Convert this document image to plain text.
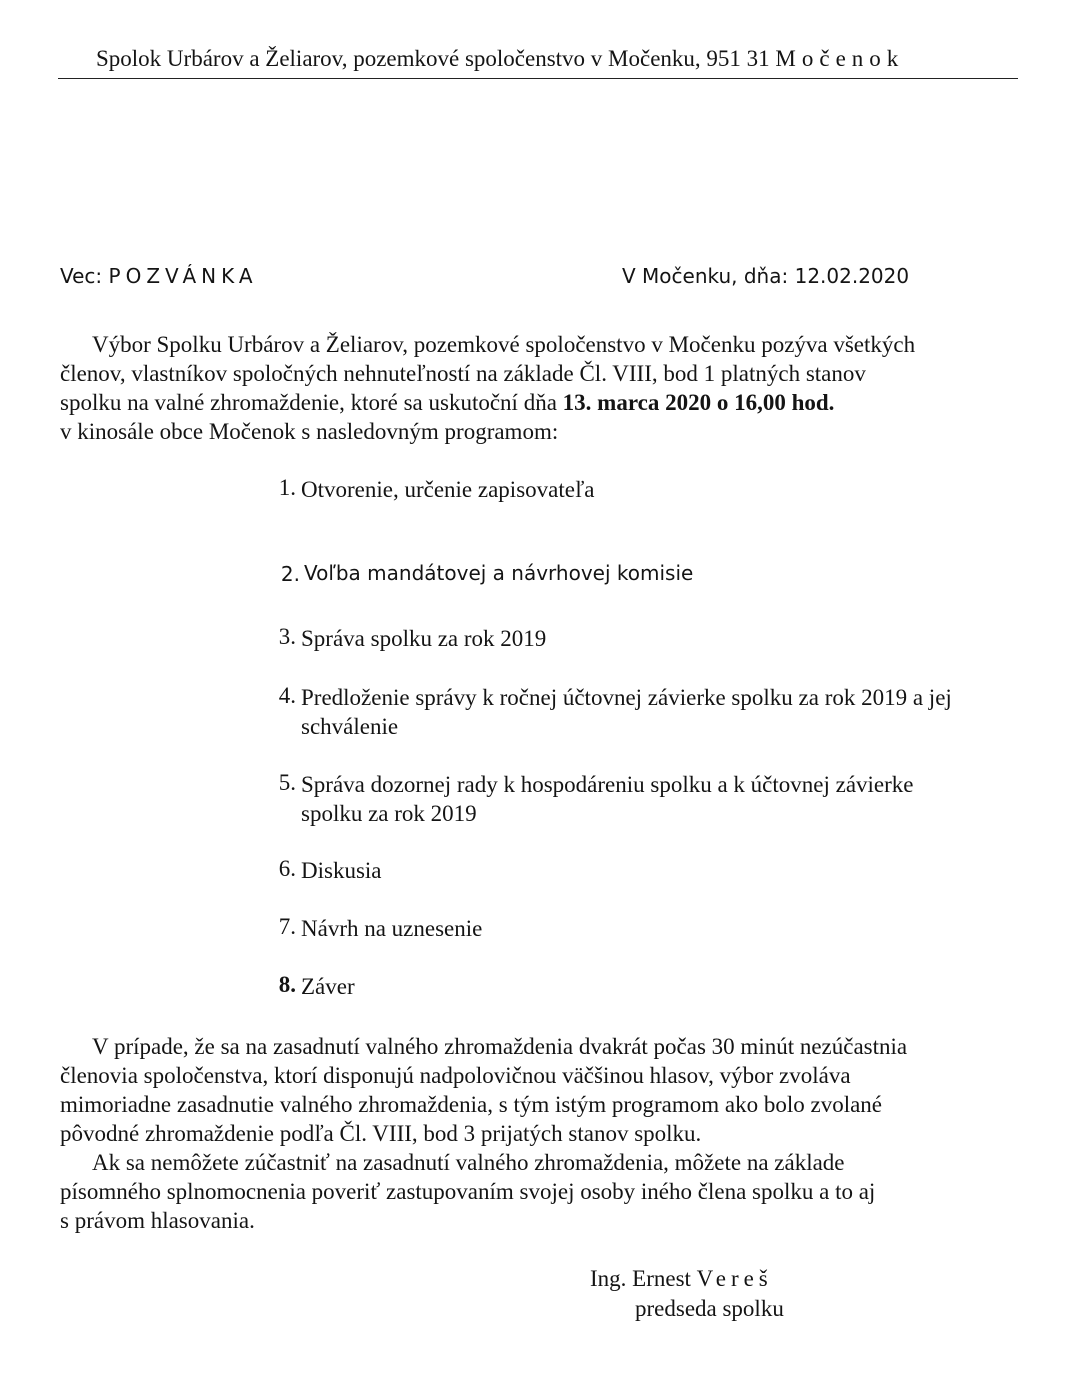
Spolok Urbárov a Želiarov, pozemkové spoločenstvo v Močenku, 951 31 Močenok
Vec: POZVÁNKA	V Močenku, dňa: 12.02.2020
Výbor Spolku Urbárov a Želiarov, pozemkové spoločenstvo v Močenku pozýva všetkých
členov, vlastníkov spoločných nehnuteľností na základe Čl. VIII, bod 1 platných stanov
spolku na valné zhromaždenie, ktoré sa uskutoční dňa 13. marca 2020 o 16,00 hod.
v kinosále obce Močenok s nasledovným programom:
1. Otvorenie, určenie zapisovateľa
2. Voľba mandátovej a návrhovej komisie
3. Správa spolku za rok 2019
4. Predloženie správy k ročnej účtovnej závierke spolku za rok 2019 a jej
schválenie
5. Správa dozornej rady k hospodáreniu spolku a k účtovnej závierke
spolku za rok 2019
6. Diskusia
7. Návrh na uznesenie
8. Záver
V prípade, že sa na zasadnutí valného zhromaždenia dvakrát počas 30 minút nezúčastnia
členovia spoločenstva, ktorí disponujú nadpolovičnou väčšinou hlasov, výbor zvoláva
mimoriadne zasadnutie valného zhromaždenia, s tým istým programom ako bolo zvolané
pôvodné zhromaždenie podľa Čl. VIII, bod 3 prijatých stanov spolku.
Ak sa nemôžete zúčastniť na zasadnutí valného zhromaždenia, môžete na základe
písomného splnomocnenia poveriť zastupovaním svojej osoby iného člena spolku a to aj
s právom hlasovania.
Ing. Ernest Vereš
predseda spolku
